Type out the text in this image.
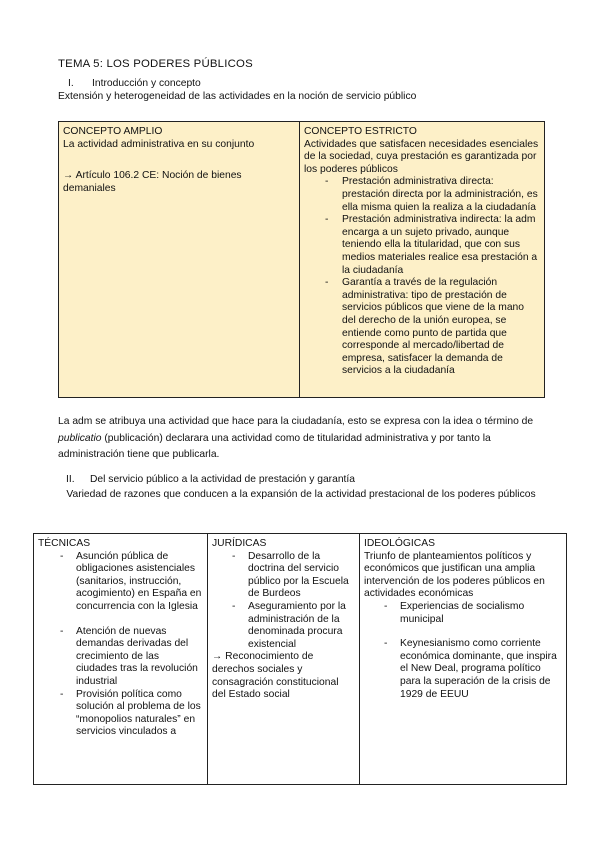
TEMA 5: LOS PODERES PÚBLICOS
I. Introducción y concepto
Extensión y heterogeneidad de las actividades en la noción de servicio público
CONCEPTO AMPLIO
La actividad administrativa en su conjunto
→ Artículo 106.2 CE: Noción de bienes demaniales
CONCEPTO ESTRICTO
Actividades que satisfacen necesidades esenciales de la sociedad, cuya prestación es garantizada por los poderes públicos
- Prestación administrativa directa: prestación directa por la administración, es ella misma quien la realiza a la ciudadanía
- Prestación administrativa indirecta: la adm encarga a un sujeto privado, aunque teniendo ella la titularidad, que con sus medios materiales realice esa prestación a la ciudadanía
- Garantía a través de la regulación administrativa: tipo de prestación de servicios públicos que viene de la mano del derecho de la unión europea, se entiende como punto de partida que corresponde al mercado/libertad de empresa, satisfacer la demanda de servicios a la ciudadanía
La adm se atribuya una actividad que hace para la ciudadanía, esto se expresa con la idea o término de publicatio (publicación) declarara una actividad como de titularidad administrativa y por tanto la administración tiene que publicarla.
II. Del servicio público a la actividad de prestación y garantía
Variedad de razones que conducen a la expansión de la actividad prestacional de los poderes públicos
TÉCNICAS
- Asunción pública de obligaciones asistenciales (sanitarios, instrucción, acogimiento) en España en concurrencia con la Iglesia
- Atención de nuevas demandas derivadas del crecimiento de las ciudades tras la revolución industrial
- Provisión política como solución al problema de los “monopolios naturales” en servicios vinculados a
JURÍDICAS
- Desarrollo de la doctrina del servicio público por la Escuela de Burdeos
- Aseguramiento por la administración de la denominada procura existencial
→ Reconocimiento de derechos sociales y consagración constitucional del Estado social
IDEOLÓGICAS
Triunfo de planteamientos políticos y económicos que justifican una amplia intervención de los poderes públicos en actividades económicas
- Experiencias de socialismo municipal
- Keynesianismo como corriente económica dominante, que inspira el New Deal, programa político para la superación de la crisis de 1929 de EEUU
